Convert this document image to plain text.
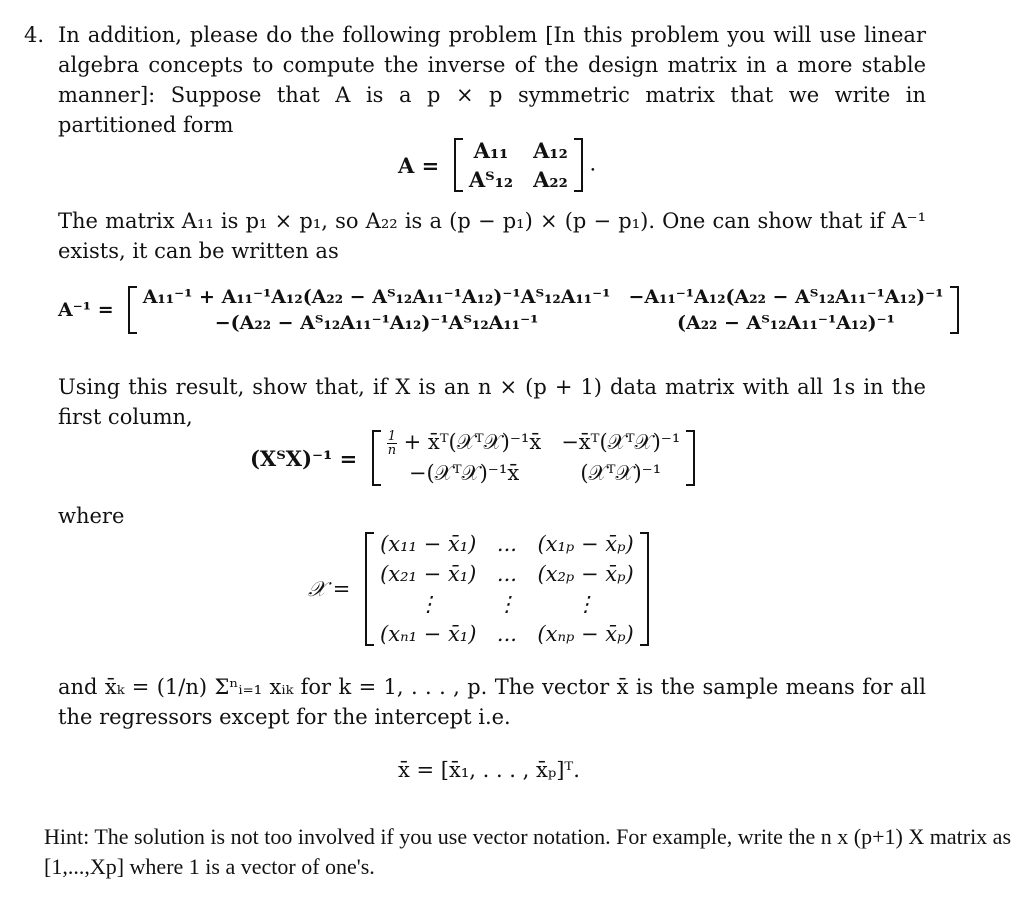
4. In addition, please do the following problem [In this problem you will use linear algebra concepts to compute the inverse of the design matrix in a more stable manner]: Suppose that A is a p × p symmetric matrix that we write in partitioned form
A =
A₁₁ A₁₂
Aᵀ₁₂ A₂₂
.
The matrix A₁₁ is p₁ × p₁, so A₂₂ is a (p − p₁) × (p − p₁). One can show that if A⁻¹ exists, it can be written as
A⁻¹ =
A₁₁⁻¹ + A₁₁⁻¹A₁₂(A₂₂ − Aᵀ₁₂A₁₁⁻¹A₁₂)⁻¹Aᵀ₁₂A₁₁⁻¹ −A₁₁⁻¹A₁₂(A₂₂ − Aᵀ₁₂A₁₁⁻¹A₁₂)⁻¹
−(A₂₂ − Aᵀ₁₂A₁₁⁻¹A₁₂)⁻¹Aᵀ₁₂A₁₁⁻¹	(A₂₂ − Aᵀ₁₂A₁₁⁻¹A₁₂)⁻¹
Using this result, show that, if X is an n × (p + 1) data matrix with all 1s in the first column,
(XᵀX)⁻¹ =
$\frac{1}{n}$ + x̄ᵀ(𝒳ᵀ𝒳)⁻¹x̄ −x̄ᵀ(𝒳ᵀ𝒳)⁻¹
−(𝒳ᵀ𝒳)⁻¹x̄	(𝒳ᵀ𝒳)⁻¹
where
𝒳 =
(x₁₁ − x̄₁) ... (x₁ₚ − x̄ₚ)
(x₂₁ − x̄₁) ... (x₂ₚ − x̄ₚ)
⋮	⋮	⋮
(xₙ₁ − x̄₁) ... (xₙₚ − x̄ₚ)
and x̄ₖ = (1/n) Σⁿᵢ₌₁ xᵢₖ for k = 1, . . . , p. The vector x̄ is the sample means for all the regressors except for the intercept i.e.
x̄ = [x̄₁, . . . , x̄ₚ]ᵀ.
Hint: The solution is not too involved if you use vector notation. For example, write the n x (p+1) X matrix as [1,...,Xp] where 1 is a vector of one's.
